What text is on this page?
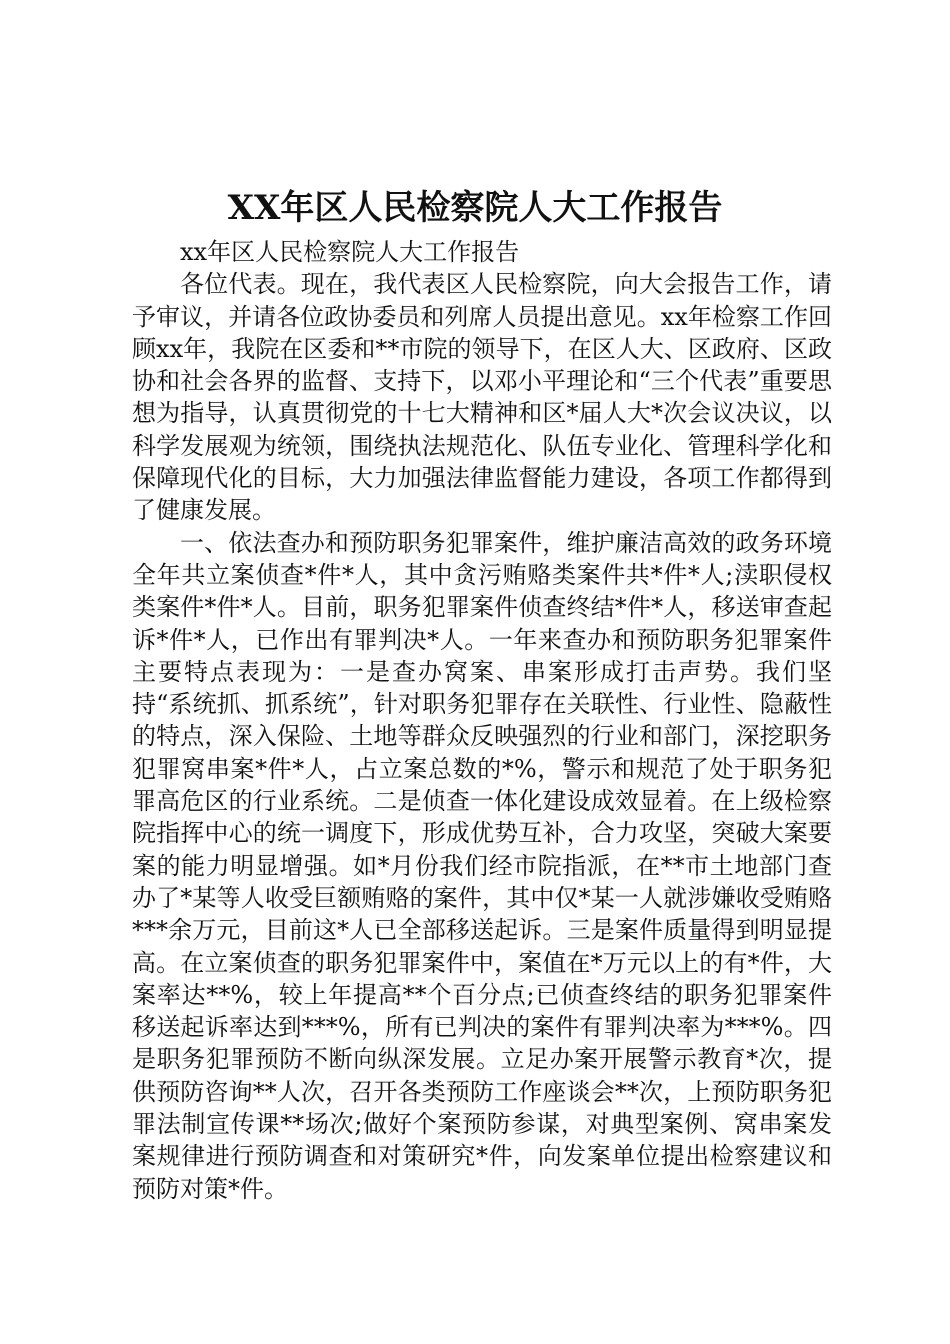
XX年区人民检察院人大工作报告

xx年区人民检察院人大工作报告

各位代表。现在，我代表区人民检察院，向大会报告工作，请予审议，并请各位政协委员和列席人员提出意见。xx年检察工作回顾xx年，我院在区委和**市院的领导下，在区人大、区政府、区政协和社会各界的监督、支持下，以邓小平理论和“三个代表”重要思想为指导，认真贯彻党的十七大精神和区*届人大*次会议决议，以科学发展观为统领，围绕执法规范化、队伍专业化、管理科学化和保障现代化的目标，大力加强法律监督能力建设，各项工作都得到了健康发展。

一、依法查办和预防职务犯罪案件，维护廉洁高效的政务环境全年共立案侦查*件*人，其中贪污贿赂类案件共*件*人;渎职侵权类案件*件*人。目前，职务犯罪案件侦查终结*件*人，移送审查起诉*件*人，已作出有罪判决*人。一年来查办和预防职务犯罪案件主要特点表现为：一是查办窝案、串案形成打击声势。我们坚持“系统抓、抓系统”，针对职务犯罪存在关联性、行业性、隐蔽性的特点，深入保险、土地等群众反映强烈的行业和部门，深挖职务犯罪窝串案*件*人，占立案总数的*%，警示和规范了处于职务犯罪高危区的行业系统。二是侦查一体化建设成效显着。在上级检察院指挥中心的统一调度下，形成优势互补，合力攻坚，突破大案要案的能力明显增强。如*月份我们经市院指派，在**市土地部门查办了*某等人收受巨额贿赂的案件，其中仅*某一人就涉嫌收受贿赂***余万元，目前这*人已全部移送起诉。三是案件质量得到明显提高。在立案侦查的职务犯罪案件中，案值在*万元以上的有*件，大案率达**%，较上年提高**个百分点;已侦查终结的职务犯罪案件移送起诉率达到***%，所有已判决的案件有罪判决率为***%。四是职务犯罪预防不断向纵深发展。立足办案开展警示教育*次，提供预防咨询**人次，召开各类预防工作座谈会**次，上预防职务犯罪法制宣传课**场次;做好个案预防参谋，对典型案例、窝串案发案规律进行预防调查和对策研究*件，向发案单位提出检察建议和预防对策*件。
